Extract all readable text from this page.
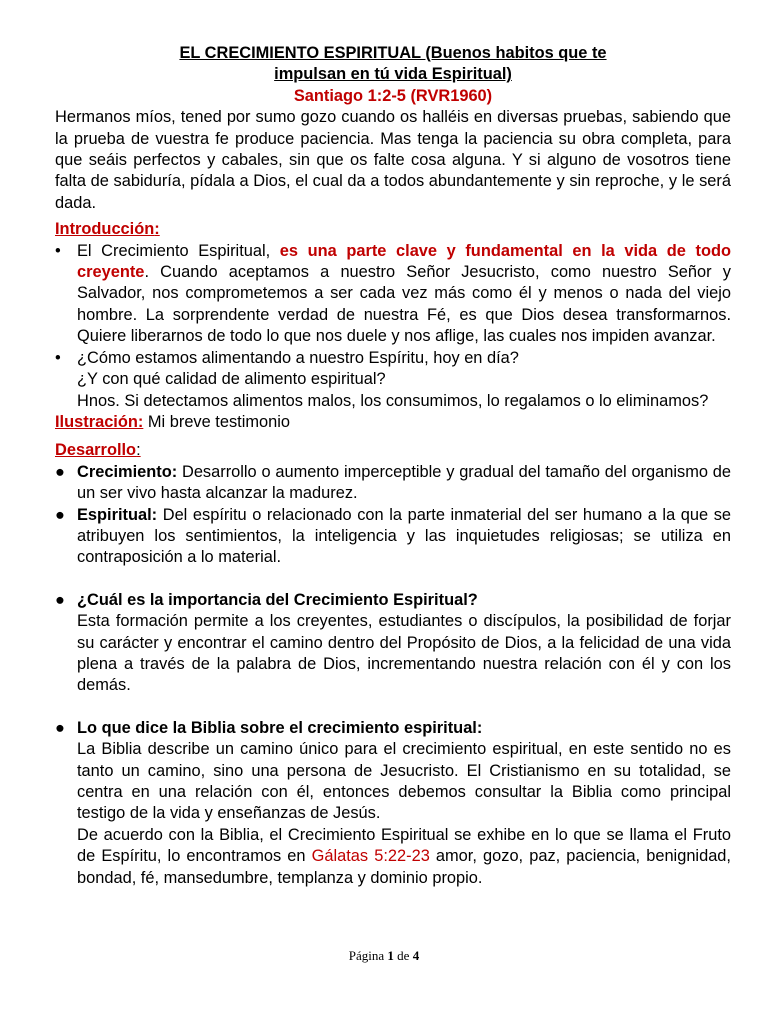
EL CRECIMIENTO ESPIRITUAL (Buenos habitos que te
impulsan en tú vida Espiritual)
Santiago 1:2-5 (RVR1960)
Hermanos míos, tened por sumo gozo cuando os halléis en diversas pruebas, sabiendo que la prueba de vuestra fe produce paciencia. Mas tenga la paciencia su obra completa, para que seáis perfectos y cabales, sin que os falte cosa alguna. Y si alguno de vosotros tiene falta de sabiduría, pídala a Dios, el cual da a todos abundantemente y sin reproche, y le será dada.
Introducción:
• El Crecimiento Espiritual, es una parte clave y fundamental en la vida de todo creyente. Cuando aceptamos a nuestro Señor Jesucristo, como nuestro Señor y Salvador, nos comprometemos a ser cada vez más como él y menos o nada del viejo hombre. La sorprendente verdad de nuestra Fé, es que Dios desea transformarnos. Quiere liberarnos de todo lo que nos duele y nos aflige, las cuales nos impiden avanzar.
• ¿Cómo estamos alimentando a nuestro Espíritu, hoy en día?
¿Y con qué calidad de alimento espiritual?
Hnos. Si detectamos alimentos malos, los consumimos, lo regalamos o lo eliminamos?
Ilustración: Mi breve testimonio
Desarrollo:
● Crecimiento: Desarrollo o aumento imperceptible y gradual del tamaño del organismo de un ser vivo hasta alcanzar la madurez.
● Espiritual: Del espíritu o relacionado con la parte inmaterial del ser humano a la que se atribuyen los sentimientos, la inteligencia y las inquietudes religiosas; se utiliza en contraposición a lo material.
● ¿Cuál es la importancia del Crecimiento Espiritual?
Esta formación permite a los creyentes, estudiantes o discípulos, la posibilidad de forjar su carácter y encontrar el camino dentro del Propósito de Dios, a la felicidad de una vida plena a través de la palabra de Dios, incrementando nuestra relación con él y con los demás.
● Lo que dice la Biblia sobre el crecimiento espiritual:
La Biblia describe un camino único para el crecimiento espiritual, en este sentido no es tanto un camino, sino una persona de Jesucristo. El Cristianismo en su totalidad, se centra en una relación con él, entonces debemos consultar la Biblia como principal testigo de la vida y enseñanzas de Jesús.
De acuerdo con la Biblia, el Crecimiento Espiritual se exhibe en lo que se llama el Fruto de Espíritu, lo encontramos en Gálatas 5:22-23 amor, gozo, paz, paciencia, benignidad, bondad, fé, mansedumbre, templanza y dominio propio.
Página 1 de 4
